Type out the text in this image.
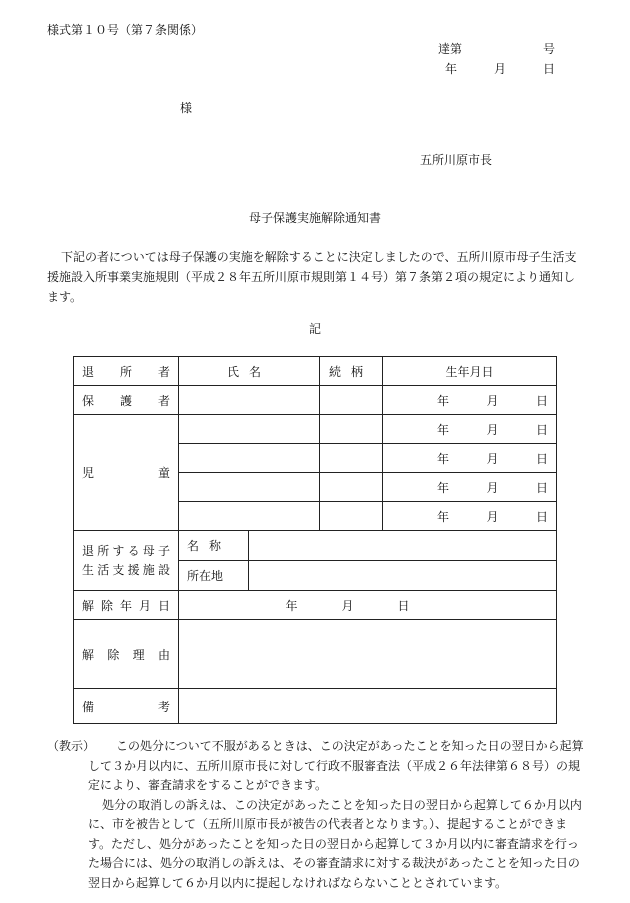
様式第１０号（第７条関係）
達第	号
年	月	日
様
五所川原市長
母子保護実施解除通知書
下記の者については母子保護の実施を解除することに決定しましたので、五所川原市母子生活支援施設入所事業実施規則（平成２８年五所川原市規則第１４号）第７条第２項の規定により通知します。
記
退所者	氏名		続柄	生年月日
保護者				年 月 日

児童				年 月 日

				年 月 日

				年 月 日

				年 月 日

退所する母子
生活支援施設	名称			
	所在地			
解除年月日	年 月 日			

解除理由				
備考				
（教示）	この処分について不服があるときは、この決定があったことを知った日の翌日から起算して３か月以内に、五所川原市長に対して行政不服審査法（平成２６年法律第６８号）の規定により、審査請求をすることができます。

処分の取消しの訴えは、この決定があったことを知った日の翌日から起算して６か月以内に、市を被告として（五所川原市長が被告の代表者となります。）、提起することができます。ただし、処分があったことを知った日の翌日から起算して３か月以内に審査請求を行った場合には、処分の取消しの訴えは、その審査請求に対する裁決があったことを知った日の翌日から起算して６か月以内に提起しなければならないこととされています。
